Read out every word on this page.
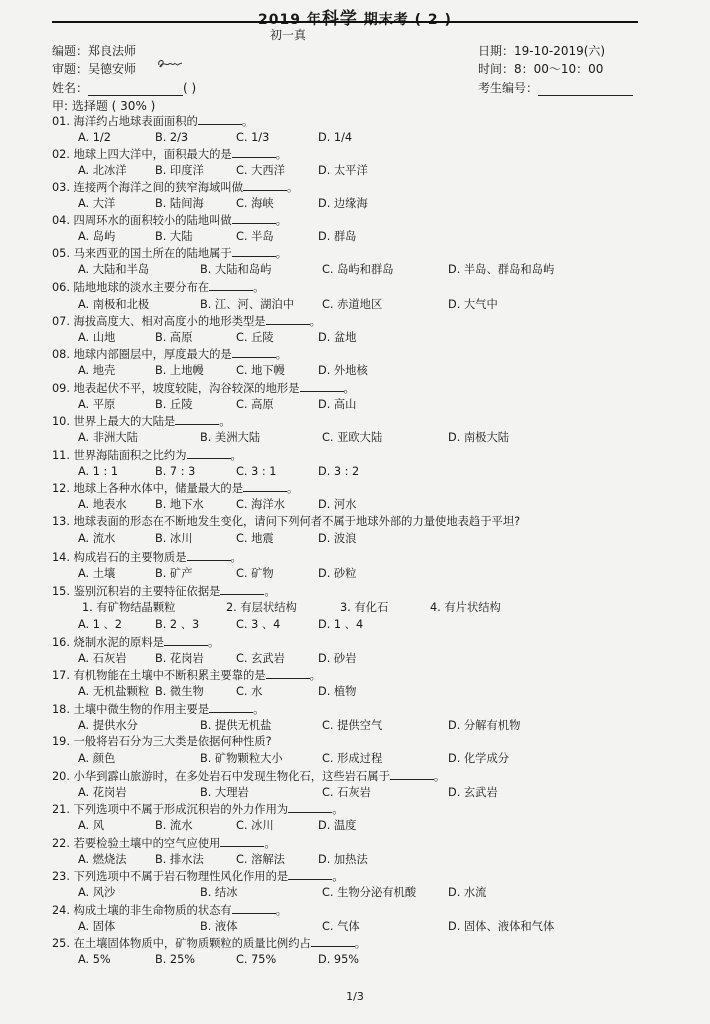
2019 年科学 期末考 ( 2 )
初一真
编题：郑良法师
审题：吴德安师
姓名：	( )
日期：19-10-2019(六)
时间：8：00～10：00
考生编号：
甲: 选择题 ( 30% )
01. 海洋约占地球表面面积的	。
A. 1/2	B. 2/3	C. 1/3	D. 1/4
02. 地球上四大洋中，面积最大的是	。
A. 北冰洋	B. 印度洋	C. 大西洋	D. 太平洋
03. 连接两个海洋之间的狭窄海域叫做	。
A. 大洋	B. 陆间海	C. 海峡	D. 边缘海
04. 四周环水的面积较小的陆地叫做	。
A. 岛屿	B. 大陆	C. 半岛	D. 群岛
05. 马来西亚的国土所在的陆地属于	。
A. 大陆和半岛	B. 大陆和岛屿	C. 岛屿和群岛	D. 半岛、群岛和岛屿
06. 陆地地球的淡水主要分布在	。
A. 南极和北极	B. 江、河、湖泊中 C. 赤道地区	D. 大气中
07. 海拔高度大、相对高度小的地形类型是	。
A. 山地	B. 高原	C. 丘陵	D. 盆地
08. 地球内部圈层中，厚度最大的是	。
A. 地壳	B. 上地幔	C. 地下幔	D. 外地核
09. 地表起伏不平，坡度较陡，沟谷较深的地形是	。
A. 平原	B. 丘陵	C. 高原	D. 高山
10. 世界上最大的大陆是	。
A. 非洲大陆	B. 美洲大陆	C. 亚欧大陆	D. 南极大陆
11. 世界海陆面积之比约为	。
A. 1 : 1	B. 7 : 3	C. 3 : 1	D. 3 : 2
12. 地球上各种水体中，储量最大的是	。
A. 地表水	B. 地下水	C. 海洋水	D. 河水
13. 地球表面的形态在不断地发生变化，请问下列何者不属于地球外部的力量使地表趋于平坦?
A. 流水	B. 冰川	C. 地震	D. 波浪
14. 构成岩石的主要物质是	。
A. 土壤	B. 矿产	C. 矿物	D. 砂粒
15. 鉴别沉积岩的主要特征依据是	。
1. 有矿物结晶颗粒	2. 有层状结构	3. 有化石	4. 有片状结构
A. 1 、2	B. 2 、3	C. 3 、4	D. 1 、4
16. 烧制水泥的原料是	。
A. 石灰岩	B. 花岗岩	C. 玄武岩	D. 砂岩
17. 有机物能在土壤中不断积累主要靠的是	。
A. 无机盐颗粒 B. 微生物	C. 水	D. 植物
18. 土壤中微生物的作用主要是	。
A. 提供水分	B. 提供无机盐	C. 提供空气	D. 分解有机物
19. 一般将岩石分为三大类是依据何种性质?
A. 颜色	B. 矿物颗粒大小	C. 形成过程	D. 化学成分
20. 小华到霹山旅游时，在多处岩石中发现生物化石，这些岩石属于	。
A. 花岗岩	B. 大理岩	C. 石灰岩	D. 玄武岩
21. 下列选项中不属于形成沉积岩的外力作用为	。
A. 风	B. 流水	C. 冰川	D. 温度
22. 若要检验土壤中的空气应使用	。
A. 燃烧法	B. 排水法	C. 溶解法	D. 加热法
23. 下列选项中不属于岩石物理性风化作用的是	。
A. 风沙	B. 结冰	C. 生物分泌有机酸	D. 水流
24. 构成土壤的非生命物质的状态有	。
A. 固体	B. 液体	C. 气体	D. 固体、液体和气体
25. 在土壤固体物质中，矿物质颗粒的质量比例约占	。
A. 5%	B. 25%	C. 75%	D. 95%
1/3
